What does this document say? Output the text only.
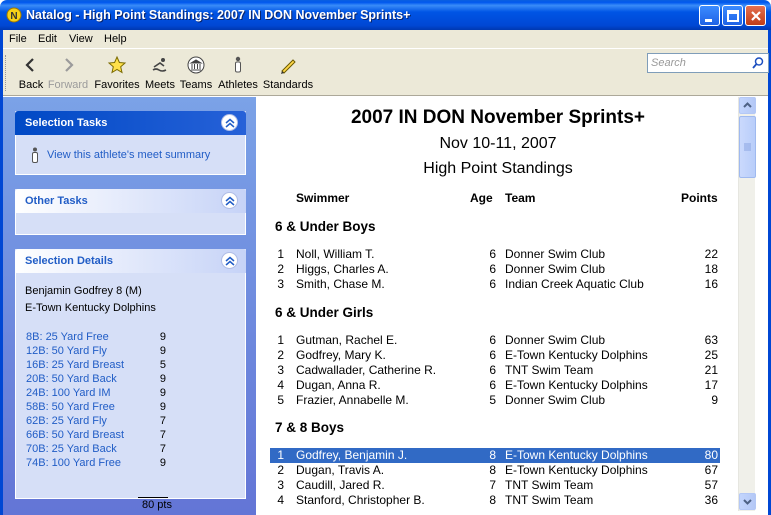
N Natalog - High Point Standings: 2007 IN DON November Sprints+
File Edit View Help
Back Forward Favorites Meets Teams Athletes Standards
Search
Selection Tasks
View this athlete's meet summary
Other Tasks
Selection Details
Benjamin Godfrey 8 (M)
E-Town Kentucky Dolphins
8B: 25 Yard Free	9
12B: 50 Yard Fly	9
16B: 25 Yard Breast	5
20B: 50 Yard Back	9
24B: 100 Yard IM	9
58B: 50 Yard Free	9
62B: 25 Yard Fly	7
66B: 50 Yard Breast	7
70B: 25 Yard Back	7
74B: 100 Yard Free	9
80 pts
2007 IN DON November Sprints+
Nov 10-11, 2007
High Point Standings
Swimmer	Age Team	Points
6 & Under Boys
1 Noll, William T.	6 Donner Swim Club	22
2 Higgs, Charles A.	6 Donner Swim Club	18
3 Smith, Chase M.	6 Indian Creek Aquatic Club	16
6 & Under Girls
1 Gutman, Rachel E.	6 Donner Swim Club	63
2 Godfrey, Mary K.	6 E-Town Kentucky Dolphins	25
3 Cadwallader, Catherine R.	6 TNT Swim Team	21
4 Dugan, Anna R.	6 E-Town Kentucky Dolphins	17
5 Frazier, Annabelle M.	5 Donner Swim Club	9
7 & 8 Boys
1 Godfrey, Benjamin J.	8 E-Town Kentucky Dolphins	80
2 Dugan, Travis A.	8 E-Town Kentucky Dolphins	67
3 Caudill, Jared R.	7 TNT Swim Team	57
4 Stanford, Christopher B.	8 TNT Swim Team	36
